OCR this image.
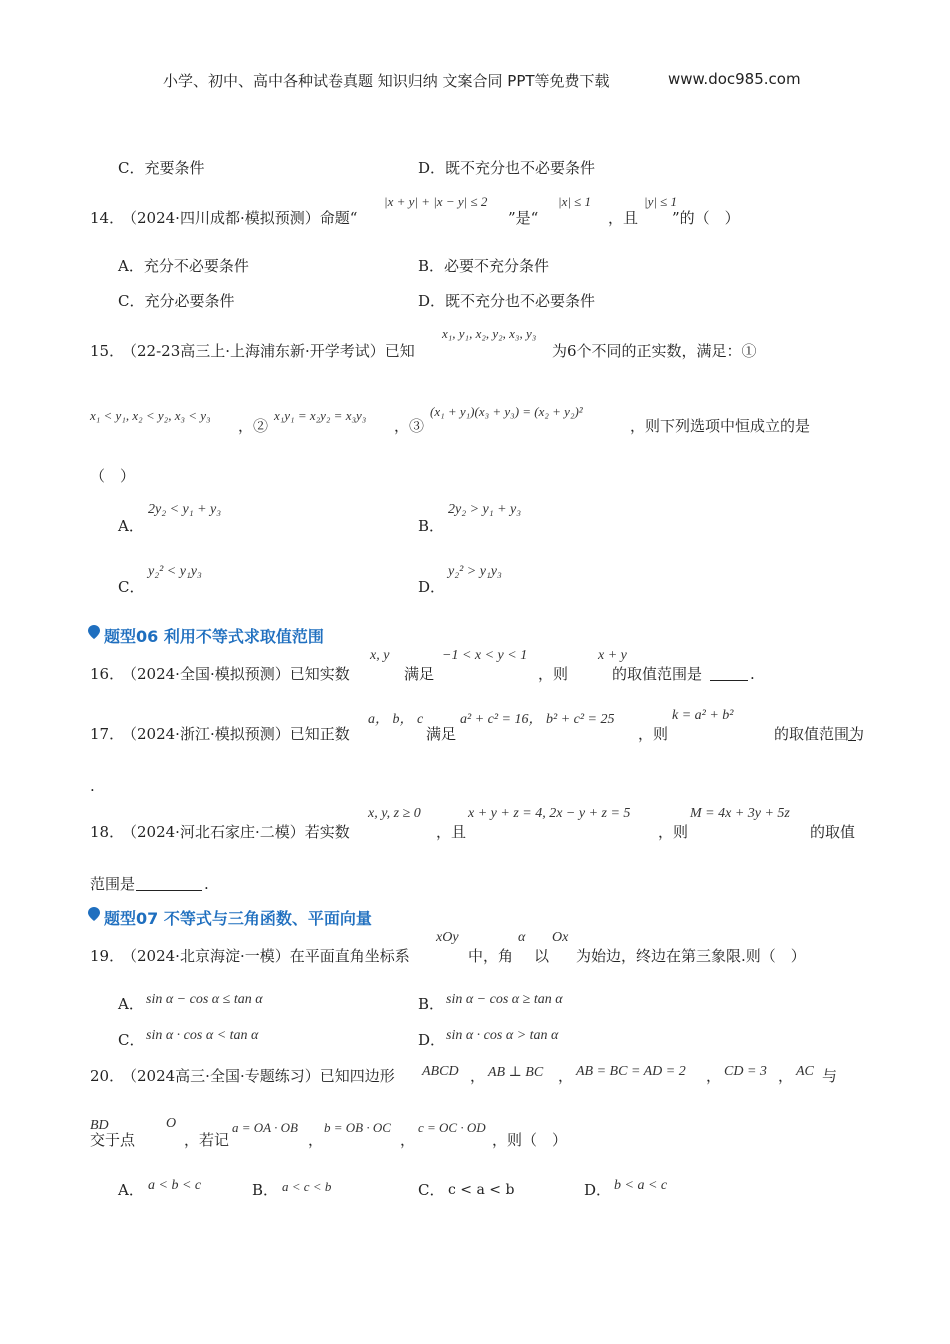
小学、初中、高中各种试卷真题 知识归纳 文案合同 PPT等免费下载	www.doc985.com
C．充要条件	D．既不充分也不必要条件
14．
（2024·四川成都·模拟预测）命题“
|x + y| + |x − y| ≤ 2
”是“
|x| ≤ 1
，且
|y| ≤ 1
”的（　）
A．充分不必要条件	B．必要不充分条件
C．充分必要条件	D．既不充分也不必要条件
15．
（22-23高三上·上海浦东新·开学考试）已知
x₁, y₁, x₂, y₂, x₃, y₃
为6个不同的正实数，满足：①
x₁ < y₁, x₂ < y₂, x₃ < y₃
，②
x₁y₁ = x₂y₂ = x₃y₃
，③
(x₁ + y₁)(x₃ + y₃) = (x₂ + y₂)²
，则下列选项中恒成立的是
（　）
A．
2y₂ < y₁ + y₃
B．
2y₂ > y₁ + y₃
C．
y₂² < y₁y₃
D．
y₂² > y₁y₃
题型06 利用不等式求取值范围
16．
（2024·全国·模拟预测）已知实数
x, y
满足
−1 < x < y < 1
，则
x + y
的取值范围是	.
17．
（2024·浙江·模拟预测）已知正数
a， b， c
满足
a² + c² = 16， b² + c² = 25
，则
k = a² + b²
的取值范围为
.
18．
（2024·河北石家庄·二模）若实数
x, y, z ≥ 0
，且
x + y + z = 4, 2x − y + z = 5
，则
M = 4x + 3y + 5z
的取值
范围是	.
题型07 不等式与三角函数、平面向量
19．
（2024·北京海淀·一模）在平面直角坐标系
xOy
中，角
α
以
Ox
为始边，终边在第三象限.则（　）
A． sin α − cos α ≤ tan α	B． sin α − cos α ≥ tan α
C． sin α · cos α < tan α	D． sin α · cos α > tan α
20．
（2024高三·全国·专题练习）已知四边形 ABCD ， AB ⊥ BC ， AB = BC = AD = 2 ， CD = 3 ， AC 与
BD
交于点
O
，若记
a = OA · OB
，
b = OB · OC
，
c = OC · OD
，则（　）
A． a < b < c	B． a < c < b	C． c < a < b	D． b < a < c
